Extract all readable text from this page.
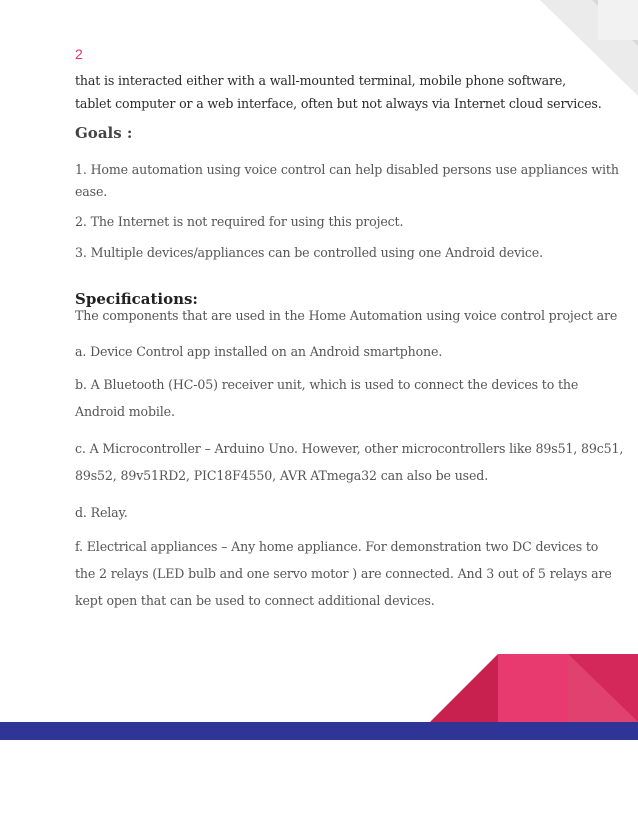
2
that is interacted either with a wall-mounted terminal, mobile phone software,
tablet computer or a web interface, often but not always via Internet cloud services.
Goals :
1. Home automation using voice control can help disabled persons use appliances with
ease.
2. The Internet is not required for using this project.
3. Multiple devices/appliances can be controlled using one Android device.
Specifications:
The components that are used in the Home Automation using voice control project are
a. Device Control app installed on an Android smartphone.
b. A Bluetooth (HC-05) receiver unit, which is used to connect the devices to the
Android mobile.
c. A Microcontroller – Arduino Uno. However, other microcontrollers like 89s51, 89c51,
89s52, 89v51RD2, PIC18F4550, AVR ATmega32 can also be used.
d. Relay.
f. Electrical appliances – Any home appliance. For demonstration two DC devices to
the 2 relays (LED bulb and one servo motor ) are connected. And 3 out of 5 relays are
kept open that can be used to connect additional devices.
